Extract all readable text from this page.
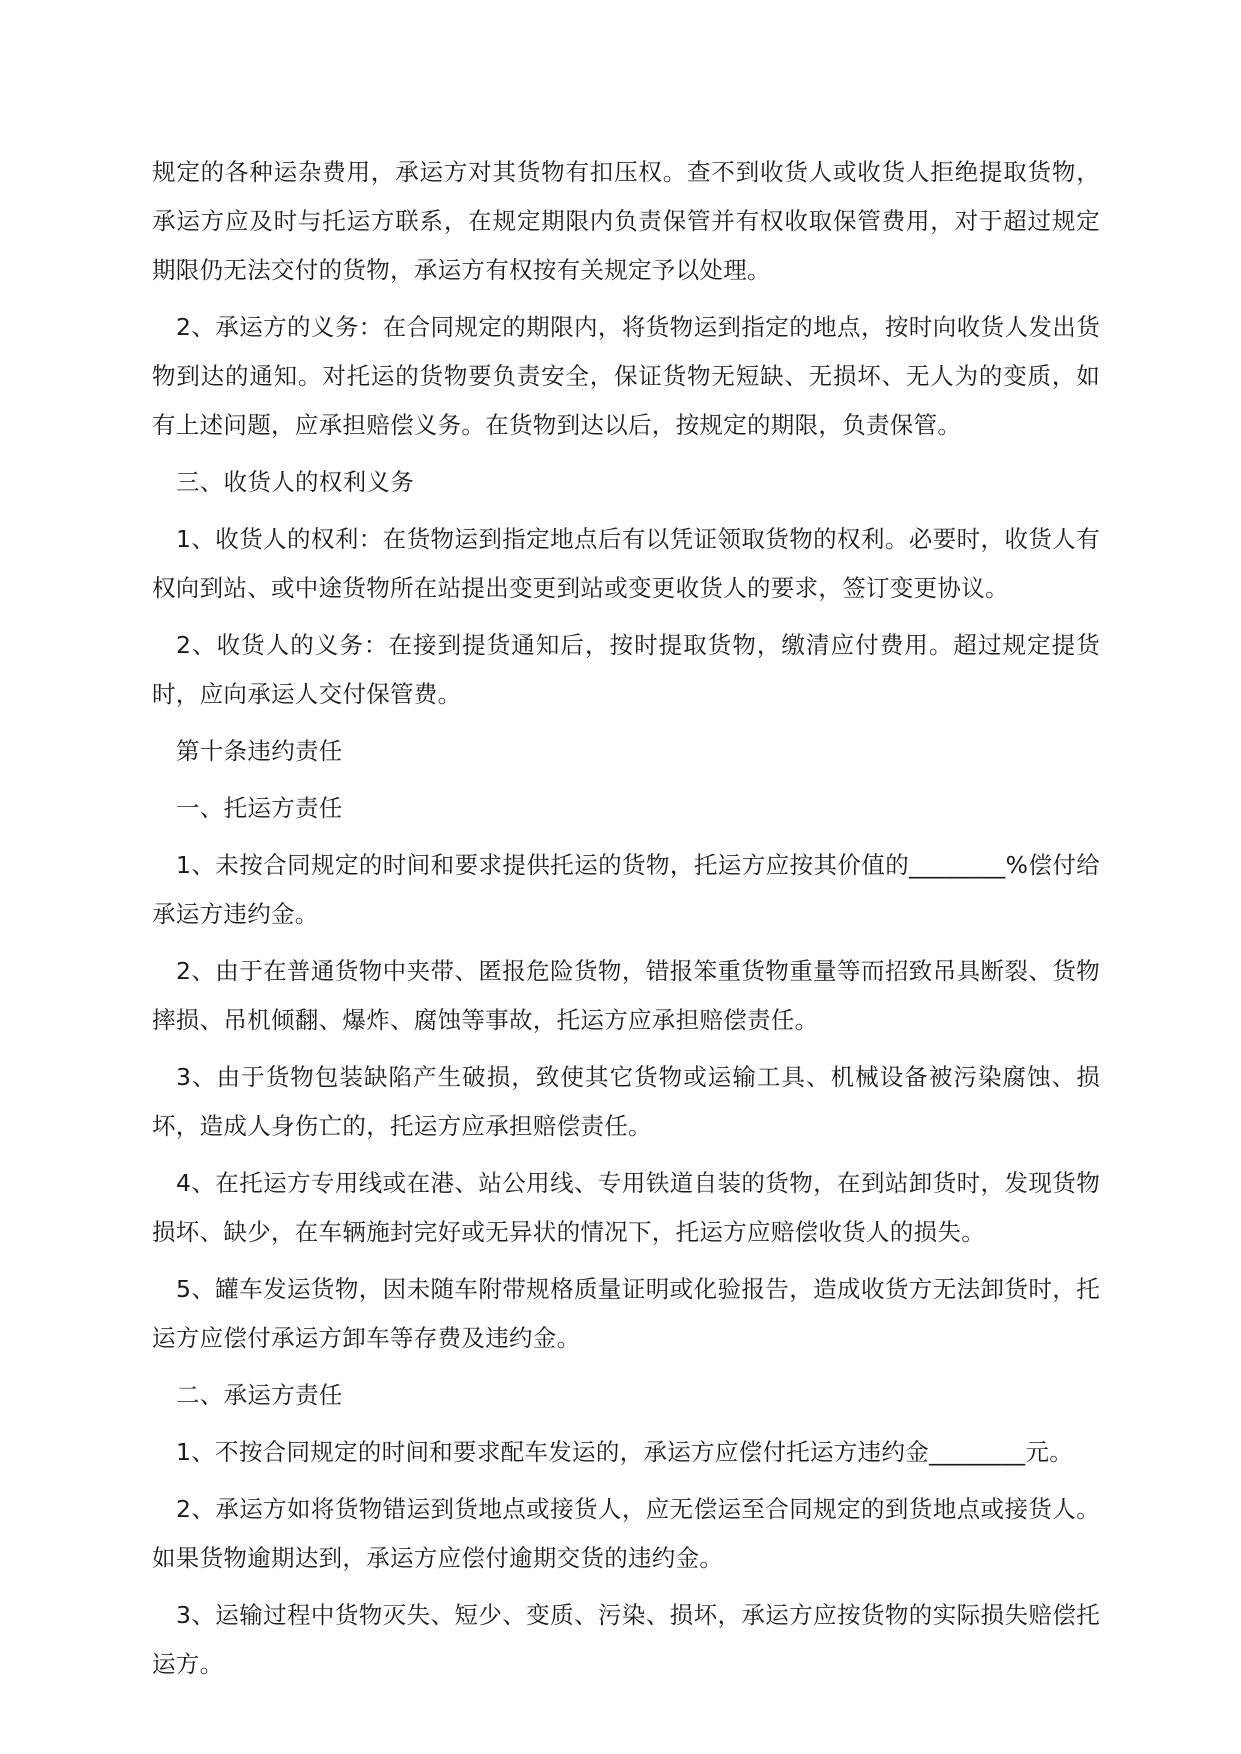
规定的各种运杂费用，承运方对其货物有扣压权。查不到收货人或收货人拒绝提取货物，承运方应及时与托运方联系，在规定期限内负责保管并有权收取保管费用，对于超过规定期限仍无法交付的货物，承运方有权按有关规定予以处理。

2、承运方的义务：在合同规定的期限内，将货物运到指定的地点，按时向收货人发出货物到达的通知。对托运的货物要负责安全，保证货物无短缺、无损坏、无人为的变质，如有上述问题，应承担赔偿义务。在货物到达以后，按规定的期限，负责保管。

三、收货人的权利义务

1、收货人的权利：在货物运到指定地点后有以凭证领取货物的权利。必要时，收货人有权向到站、或中途货物所在站提出变更到站或变更收货人的要求，签订变更协议。

2、收货人的义务：在接到提货通知后，按时提取货物，缴清应付费用。超过规定提货时，应向承运人交付保管费。

第十条违约责任

一、托运方责任

1、未按合同规定的时间和要求提供托运的货物，托运方应按其价值的________%偿付给承运方违约金。

2、由于在普通货物中夹带、匿报危险货物，错报笨重货物重量等而招致吊具断裂、货物摔损、吊机倾翻、爆炸、腐蚀等事故，托运方应承担赔偿责任。

3、由于货物包装缺陷产生破损，致使其它货物或运输工具、机械设备被污染腐蚀、损坏，造成人身伤亡的，托运方应承担赔偿责任。

4、在托运方专用线或在港、站公用线、专用铁道自装的货物，在到站卸货时，发现货物损坏、缺少，在车辆施封完好或无异状的情况下，托运方应赔偿收货人的损失。

5、罐车发运货物，因未随车附带规格质量证明或化验报告，造成收货方无法卸货时，托运方应偿付承运方卸车等存费及违约金。

二、承运方责任

1、不按合同规定的时间和要求配车发运的，承运方应偿付托运方违约金________元。

2、承运方如将货物错运到货地点或接货人，应无偿运至合同规定的到货地点或接货人。如果货物逾期达到，承运方应偿付逾期交货的违约金。

3、运输过程中货物灭失、短少、变质、污染、损坏，承运方应按货物的实际损失赔偿托运方。
